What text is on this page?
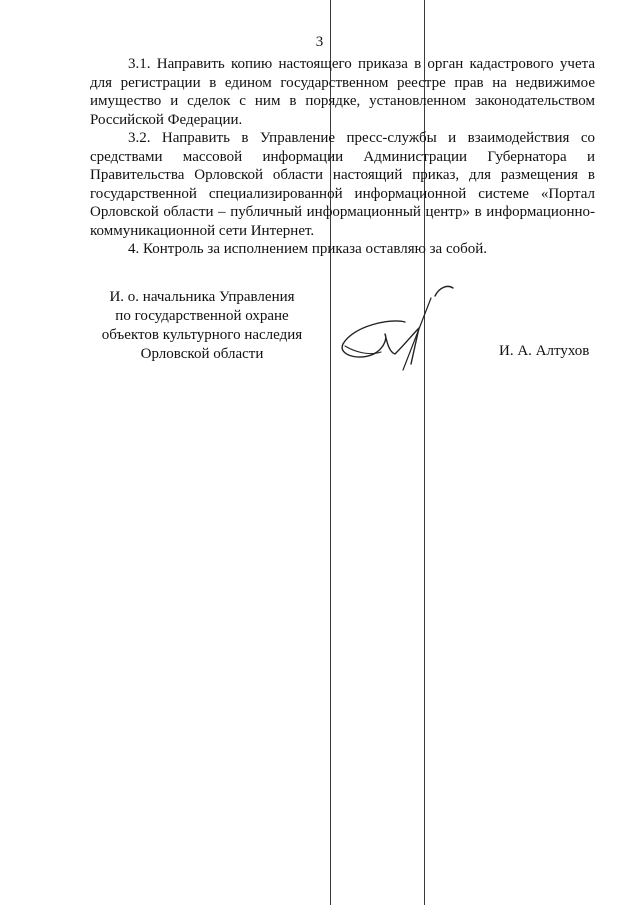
3

3.1. Направить копию настоящего приказа в орган кадастрового учета для регистрации в едином государственном реестре прав на недвижимое имущество и сделок с ним в порядке, установленном законодательством Российской Федерации.

3.2. Направить в Управление пресс-службы и взаимодействия со средствами массовой информации Администрации Губернатора и Правительства Орловской области настоящий приказ, для размещения в государственной специализированной информационной системе «Портал Орловской области – публичный информационный центр» в информационно-коммуникационной сети Интернет.

4. Контроль за исполнением приказа оставляю за собой.

И. о. начальника Управления
по государственной охране
объектов культурного наследия
Орловской области	И. А. Алтухов
